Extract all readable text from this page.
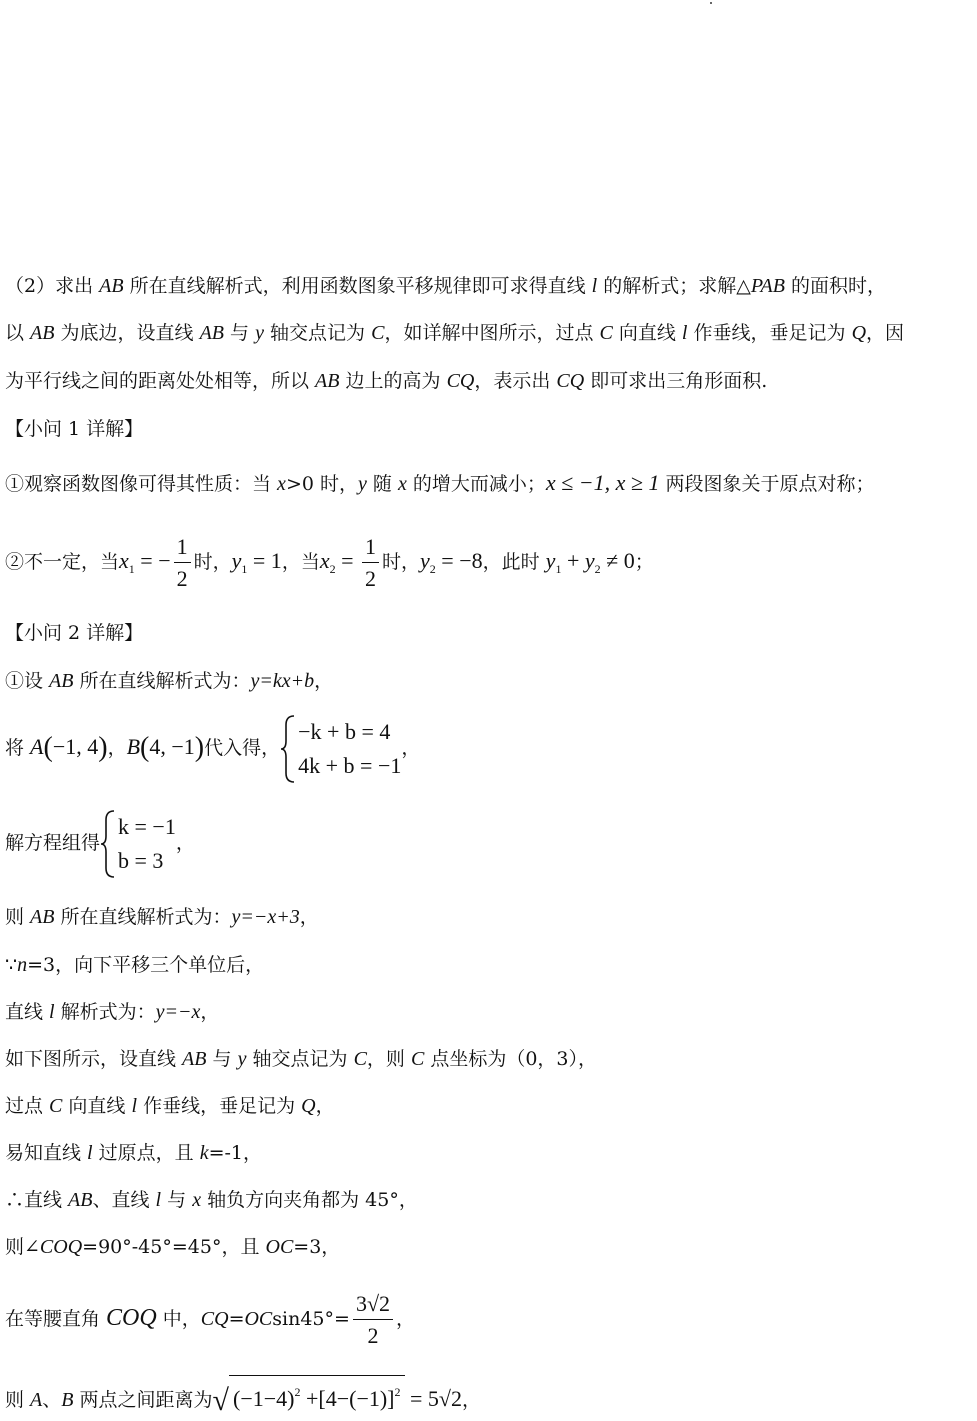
（2）求出 AB 所在直线解析式，利用函数图象平移规律即可求得直线 l 的解析式；求解△PAB 的面积时，
以 AB 为底边，设直线 AB 与 y 轴交点记为 C，如详解中图所示，过点 C 向直线 l 作垂线，垂足记为 Q，因
为平行线之间的距离处处相等，所以 AB 边上的高为 CQ，表示出 CQ 即可求出三角形面积.
【小问 1 详解】
①观察函数图像可得其性质：当 x>0 时，y 随 x 的增大而减小；x ≤ −1, x ≥ 1 两段图象关于原点对称；
②不一定，当$x_1$ = − $\frac{1}{2}$ 时，$y_1 = 1$，当$x_2 = \frac{1}{2}$ 时，$y_2 = -8$，此时 $y_1 + y_2 \ne 0$；
【小问 2 详解】
①设 AB 所在直线解析式为：y=kx+b，
将 A(−1, 4)，B(4, −1)代入得，
−k + b = 4
4k + b = −1
，
解方程组得
k = −1
b = 3
，
则 AB 所在直线解析式为：y=−x+3，
∵n=3，向下平移三个单位后，
直线 l 解析式为：y=−x，
如下图所示，设直线 AB 与 y 轴交点记为 C，则 C 点坐标为（0，3），
过点 C 向直线 l 作垂线，垂足记为 Q，
易知直线 l 过原点，且 k=-1，
∴直线 AB、直线 l 与 x 轴负方向夹角都为 45°，
则∠COQ=90°-45°=45°，且 OC=3，
在等腰直角 COQ 中，$CQ=OCsin45^\circ= \frac{3√2}{2}$ ，
则 A、B 两点之间距离为√ $(-1-4)^2 +[4-(-1)]^2 = 5√2$，
